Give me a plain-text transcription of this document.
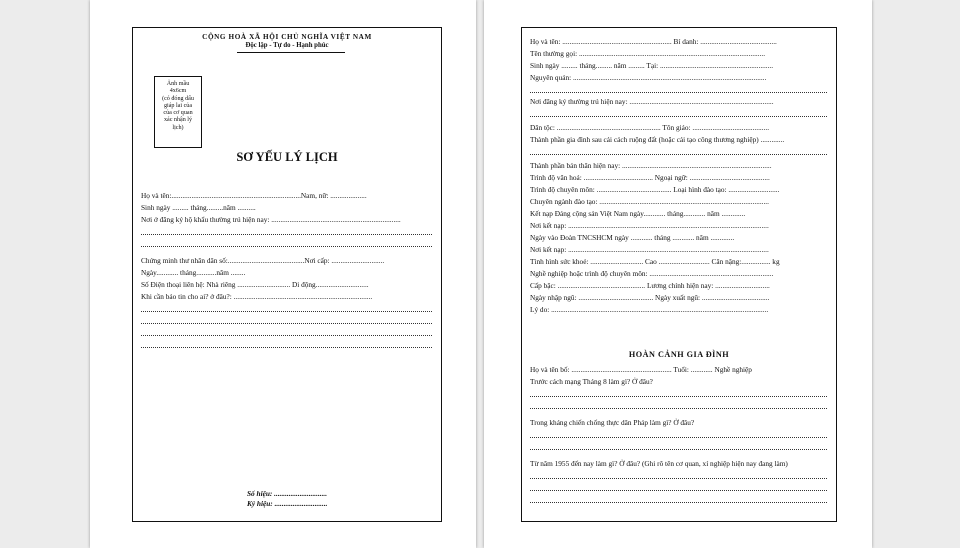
CỘNG HOÀ XÃ HỘI CHỦ NGHĨA VIỆT NAM
Độc lập - Tự do - Hạnh phúc
Ảnh mầu
4x6cm
(có đóng dấu
giáp lai của
của cơ quan
xác nhận lý
lịch)
SƠ YẾU LÝ LỊCH
Họ và tên:.......................................................................Nam, nữ: ....................
Sinh ngày ......... tháng.........năm ..........
Nơi ở đăng ký hộ khẩu thường trú hiện nay: .......................................................................
Chứng minh thư nhân dân số:..........................................Nơi cấp: .............................
Ngày............ tháng...........năm ........
Số Điện thoại liên hệ: Nhà riêng ............................. Di động.............................
Khi cần báo tin cho ai? ở đâu?: ............................................................................
Số hiệu: .............................
Ký hiệu: .............................
Họ và tên: ............................................................ Bí danh: ..........................................
Tên thường gọi: ......................................................................................................
Sinh ngày ......... tháng......... năm ......... Tại: ..............................................................
Nguyên quán: ..........................................................................................................
Nơi đăng ký thường trú hiện nay: ...............................................................................
Dân tộc: ......................................................... Tôn giáo: ..........................................
Thành phần gia đình sau cải cách ruộng đất (hoặc cải tạo công thương nghiệp) .............
Thành phần bản thân hiện nay: ..................................................................................
Trình độ văn hoá: ...................................... Ngoại ngữ: ............................................
Trình độ chuyên môn: ......................................... Loại hình đào tạo: ............................
Chuyên ngành đào tạo: .............................................................................................
Kết nạp Đảng cộng sản Việt Nam ngày............ tháng............ năm .............
Nơi kết nạp: ..............................................................................................................
Ngày vào Đoàn TNCSHCM ngày ............ tháng ............ năm .............
Nơi kết nạp: ..............................................................................................................
Tình hình sức khoẻ: ............................. Cao ............................ Cân nặng:................ kg
Nghề nghiệp hoặc trình độ chuyên môn: ....................................................................
Cấp bậc: ................................................ Lương chính hiện nay: ..............................
Ngày nhập ngũ: ......................................... Ngày xuất ngũ: .....................................
Lý do: .......................................................................................................................
Họ và tên bố: ....................................................... Tuổi: ............ Nghề nghiệp
Trước cách mạng Tháng 8 làm gì? Ở đâu?
Trong kháng chiến chống thực dân Pháp làm gì? Ở đâu?
Từ năm 1955 đến nay làm gì? Ở đâu? (Ghi rõ tên cơ quan, xí nghiệp hiện nay đang làm)
HOÀN CẢNH GIA ĐÌNH
